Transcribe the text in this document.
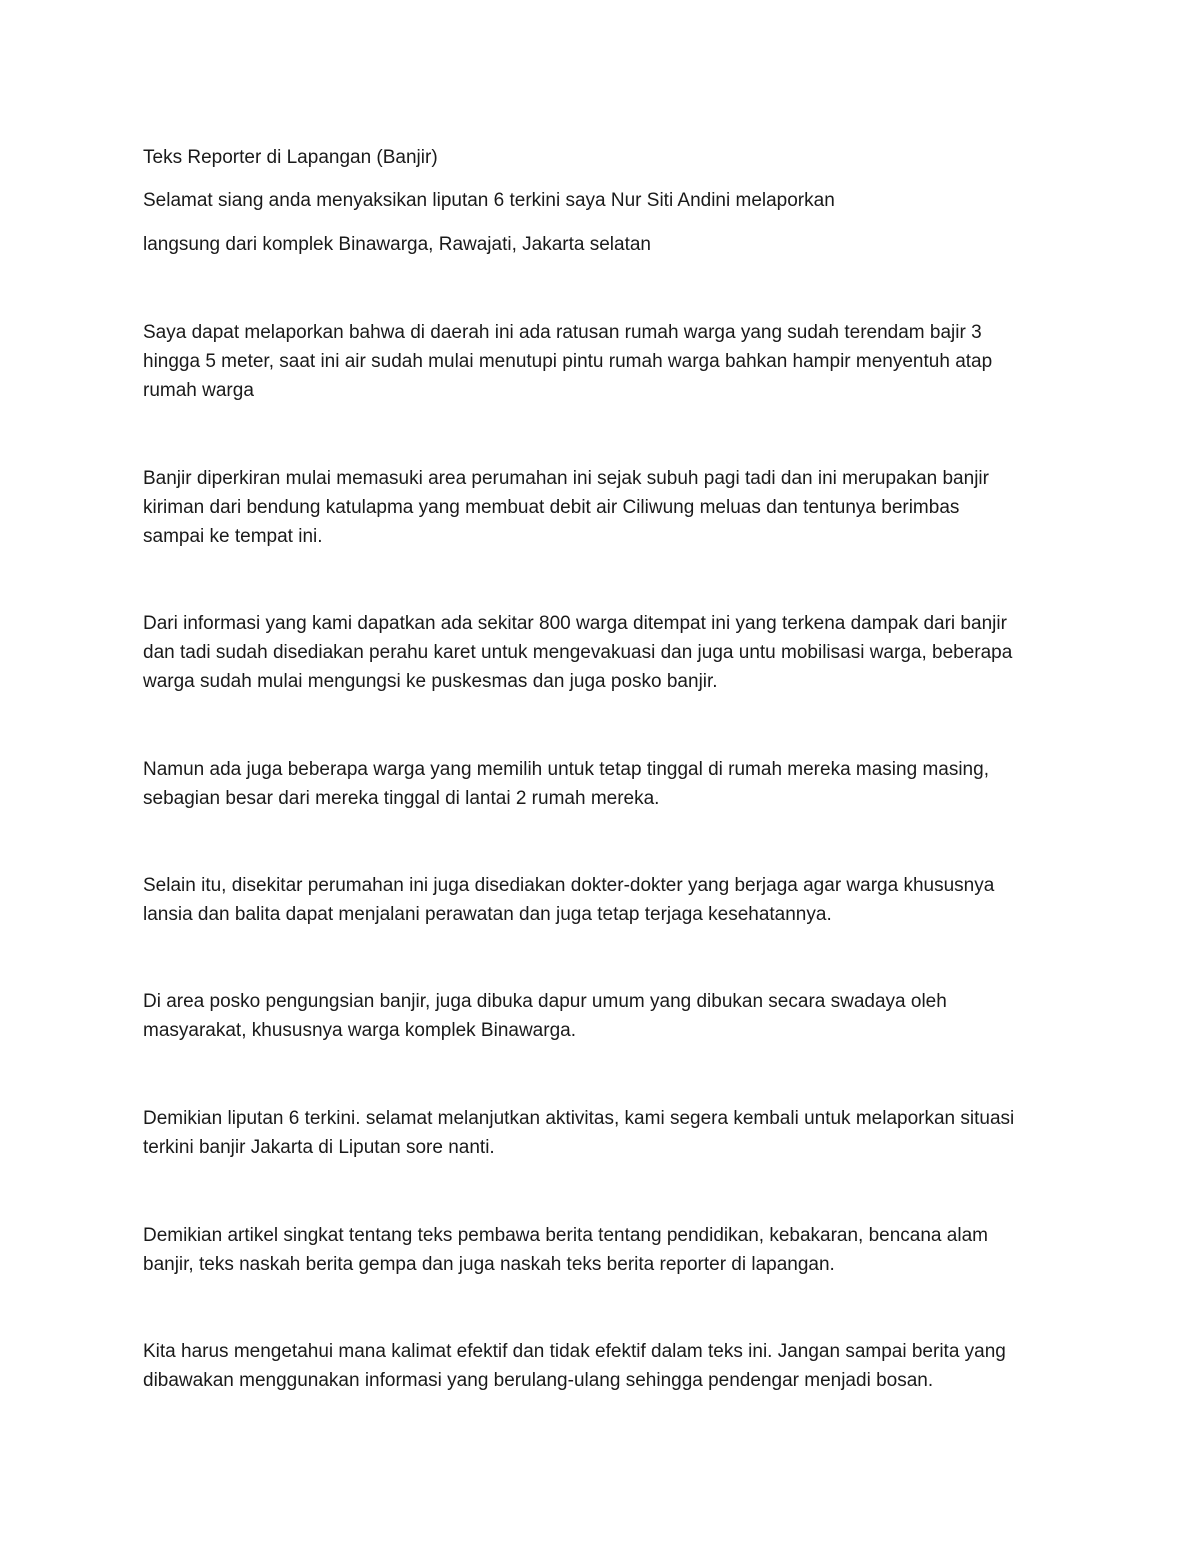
Teks Reporter di Lapangan (Banjir)

Selamat siang anda menyaksikan liputan 6 terkini saya Nur Siti Andini melaporkan

langsung dari komplek Binawarga, Rawajati, Jakarta selatan

Saya dapat melaporkan bahwa di daerah ini ada ratusan rumah warga yang sudah terendam bajir 3

hingga 5 meter, saat ini air sudah mulai menutupi pintu rumah warga bahkan hampir menyentuh atap

rumah warga

Banjir diperkiran mulai memasuki area perumahan ini sejak subuh pagi tadi dan ini merupakan banjir

kiriman dari bendung katulapma yang membuat debit air Ciliwung meluas dan tentunya berimbas

sampai ke tempat ini.

Dari informasi yang kami dapatkan ada sekitar 800 warga ditempat ini yang terkena dampak dari banjir

dan tadi sudah disediakan perahu karet untuk mengevakuasi dan juga untu mobilisasi warga, beberapa

warga sudah mulai mengungsi ke puskesmas dan juga posko banjir.

Namun ada juga beberapa warga yang memilih untuk tetap tinggal di rumah mereka masing masing,

sebagian besar dari mereka tinggal di lantai 2 rumah mereka.

Selain itu, disekitar perumahan ini juga disediakan dokter-dokter yang berjaga agar warga khususnya

lansia dan balita dapat menjalani perawatan dan juga tetap terjaga kesehatannya.

Di area posko pengungsian banjir, juga dibuka dapur umum yang dibukan secara swadaya oleh

masyarakat, khususnya warga komplek Binawarga.

Demikian liputan 6 terkini. selamat melanjutkan aktivitas, kami segera kembali untuk melaporkan situasi

terkini banjir Jakarta di Liputan sore nanti.

Demikian artikel singkat tentang teks pembawa berita tentang pendidikan, kebakaran, bencana alam

banjir, teks naskah berita gempa dan juga naskah teks berita reporter di lapangan.

Kita harus mengetahui mana kalimat efektif dan tidak efektif dalam teks ini. Jangan sampai berita yang

dibawakan menggunakan informasi yang berulang-ulang sehingga pendengar menjadi bosan.
